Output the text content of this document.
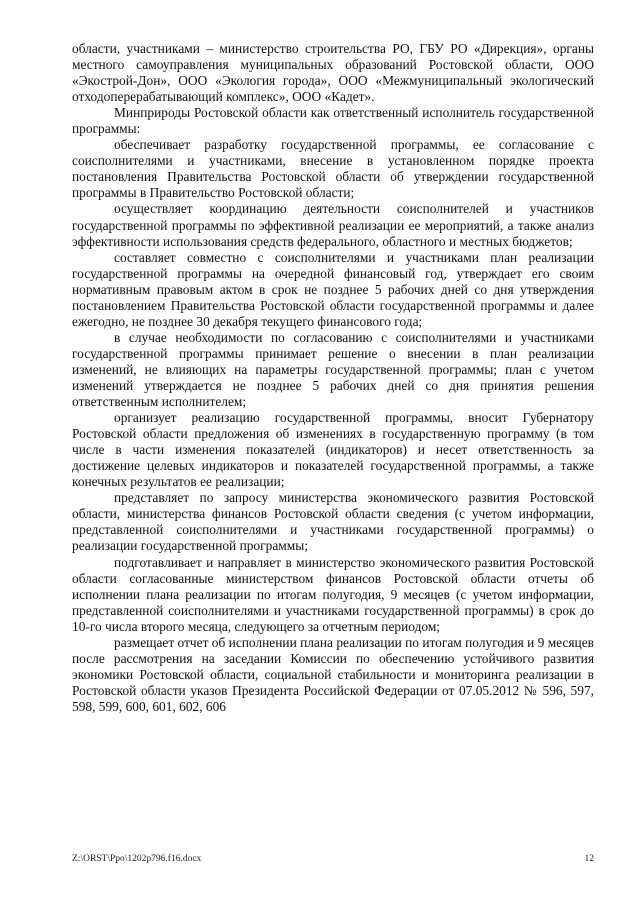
области, участниками – министерство строительства РО, ГБУ РО «Дирекция», органы местного самоуправления муниципальных образований Ростовской области, ООО «Экострой-Дон», ООО «Экология города», ООО «Межмуниципальный экологический отходоперерабатывающий комплекс», ООО «Кадет».

Минприроды Ростовской области как ответственный исполнитель государственной программы:

обеспечивает разработку государственной программы, ее согласование с соисполнителями и участниками, внесение в установленном порядке проекта постановления Правительства Ростовской области об утверждении государственной программы в Правительство Ростовской области;

осуществляет координацию деятельности соисполнителей и участников государственной программы по эффективной реализации ее мероприятий, а также анализ эффективности использования средств федерального, областного и местных бюджетов;

составляет совместно с соисполнителями и участниками план реализации государственной программы на очередной финансовый год, утверждает его своим нормативным правовым актом в срок не позднее 5 рабочих дней со дня утверждения постановлением Правительства Ростовской области государственной программы и далее ежегодно, не позднее 30 декабря текущего финансового года;

в случае необходимости по согласованию с соисполнителями и участниками государственной программы принимает решение о внесении в план реализации изменений, не влияющих на параметры государственной программы; план с учетом изменений утверждается не позднее 5 рабочих дней со дня принятия решения ответственным исполнителем;

организует реализацию государственной программы, вносит Губернатору Ростовской области предложения об изменениях в государственную программу (в том числе в части изменения показателей (индикаторов) и несет ответственность за достижение целевых индикаторов и показателей государственной программы, а также конечных результатов ее реализации;

представляет по запросу министерства экономического развития Ростовской области, министерства финансов Ростовской области сведения (с учетом информации, представленной соисполнителями и участниками государственной программы) о реализации государственной программы;

подготавливает и направляет в министерство экономического развития Ростовской области согласованные министерством финансов Ростовской области отчеты об исполнении плана реализации по итогам полугодия, 9 месяцев (с учетом информации, представленной соисполнителями и участниками государственной программы) в срок до 10-го числа второго месяца, следующего за отчетным периодом;

размещает отчет об исполнении плана реализации по итогам полугодия и 9 месяцев после рассмотрения на заседании Комиссии по обеспечению устойчивого развития экономики Ростовской области, социальной стабильности и мониторинга реализации в Ростовской области указов Президента Российской Федерации от 07.05.2012 № 596, 597, 598, 599, 600, 601, 602, 606

Z:\ORST\Ppo\1202p796.f16.docx	12
